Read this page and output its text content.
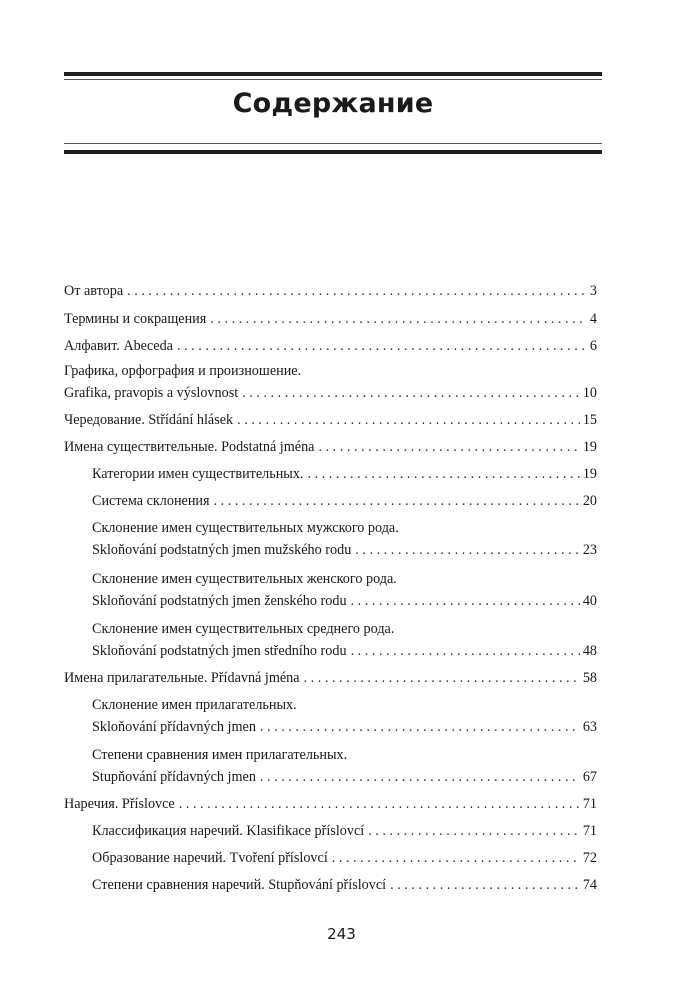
Содержание
От автора . . .	3
Термины и сокращения . . .	4
Алфавит. Abeceda . . .	6
Графика, орфография и произношение.
Grafika, pravopis a výslovnost . . .	10
Чередование. Střídání hlásek . . .	15
Имена существительные. Podstatná jména . . .	19
Категории имен существительных. . . .	19
Система склонения . . .	20
Склонение имен существительных мужского рода.
Skloňování podstatných jmen mužského rodu . . .	23
Склонение имен существительных женского рода.
Skloňování podstatných jmen ženského rodu . . .	40
Склонение имен существительных среднего рода.
Skloňování podstatných jmen středního rodu . . .	48
Имена прилагательные. Přídavná jména . . .	58
Склонение имен прилагательных.
Skloňování přídavných jmen . . .	63
Степени сравнения имен прилагательных.
Stupňování přídavných jmen . . .	67
Наречия. Příslovce . . .	71
Классификация наречий. Klasifikace příslovcí . . .	71
Образование наречий. Tvoření příslovcí . . .	72
Степени сравнения наречий. Stupňování příslovcí . . .	74
243
